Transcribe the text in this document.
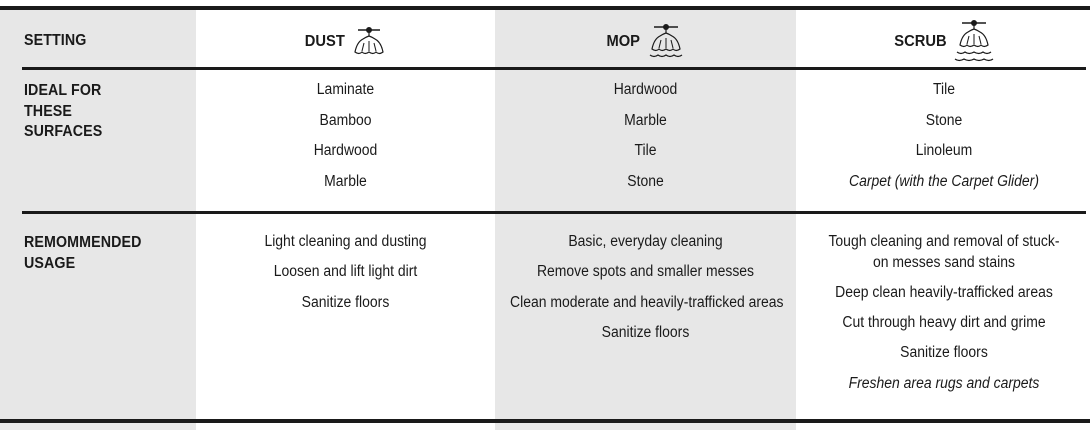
SETTING
IDEAL FOR THESE SURFACES
REMOMMENDED USAGE
DUST	MOP	SCRUB
Laminate
Bamboo
Hardwood
Marble
Hardwood
Marble
Tile
Stone
Tile
Stone
Linoleum
Carpet (with the Carpet Glider)
Light cleaning and dusting
Loosen and lift light dirt
Sanitize floors
Basic, everyday cleaning
Remove spots and smaller messes
Clean moderate and heavily-trafficked areas
Sanitize floors
Tough cleaning and removal of stuck-on messes sand stains
Deep clean heavily-trafficked areas
Cut through heavy dirt and grime
Sanitize floors
Freshen area rugs and carpets
